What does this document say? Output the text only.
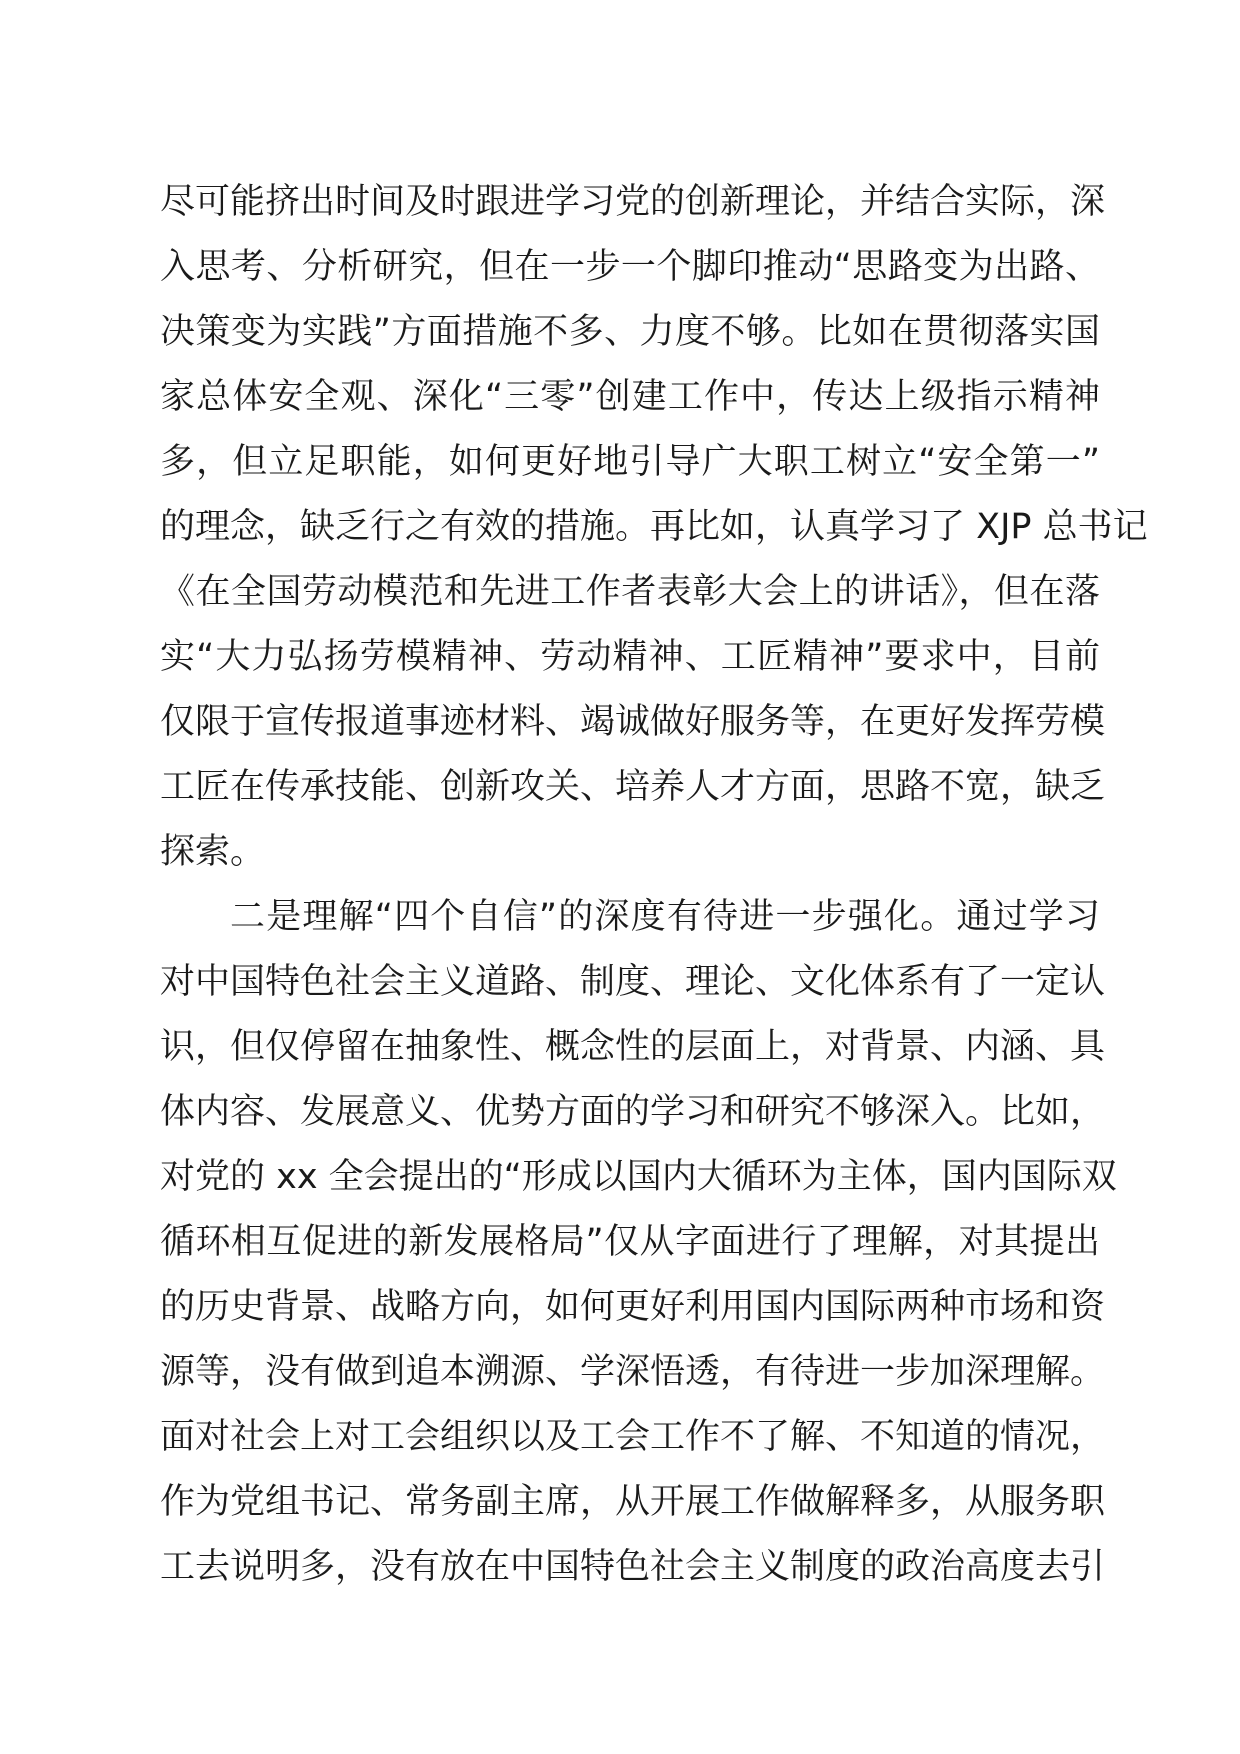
尽可能挤出时间及时跟进学习党的创新理论，并结合实际，深
入思考、分析研究，但在一步一个脚印推动“思路变为出路、
决策变为实践”方面措施不多、力度不够。比如在贯彻落实国
家总体安全观、深化“三零”创建工作中，传达上级指示精神
多，但立足职能，如何更好地引导广大职工树立“安全第一”
的理念，缺乏行之有效的措施。再比如，认真学习了 XJP 总书记
《在全国劳动模范和先进工作者表彰大会上的讲话》，但在落
实“大力弘扬劳模精神、劳动精神、工匠精神”要求中，目前
仅限于宣传报道事迹材料、竭诚做好服务等，在更好发挥劳模
工匠在传承技能、创新攻关、培养人才方面，思路不宽，缺乏
探索。
二是理解“四个自信”的深度有待进一步强化。通过学习
对中国特色社会主义道路、制度、理论、文化体系有了一定认
识，但仅停留在抽象性、概念性的层面上，对背景、内涵、具
体内容、发展意义、优势方面的学习和研究不够深入。比如，
对党的 xx 全会提出的“形成以国内大循环为主体，国内国际双
循环相互促进的新发展格局”仅从字面进行了理解，对其提出
的历史背景、战略方向，如何更好利用国内国际两种市场和资
源等，没有做到追本溯源、学深悟透，有待进一步加深理解。
面对社会上对工会组织以及工会工作不了解、不知道的情况，
作为党组书记、常务副主席，从开展工作做解释多，从服务职
工去说明多，没有放在中国特色社会主义制度的政治高度去引
